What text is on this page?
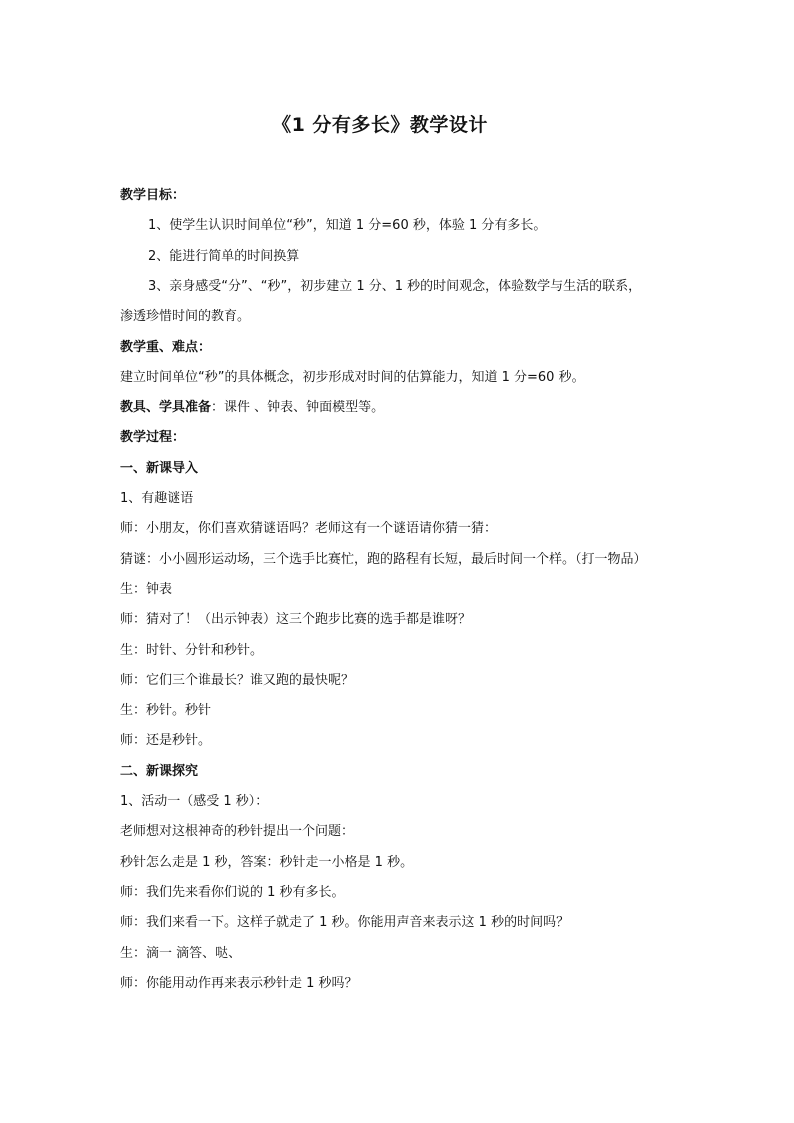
《1 分有多长》教学设计
教学目标：
1、使学生认识时间单位“秒”，知道 1 分=60 秒，体验 1 分有多长。
2、能进行简单的时间换算
3、亲身感受“分”、“秒”，初步建立 1 分、1 秒的时间观念，体验数学与生活的联系，
渗透珍惜时间的教育。
教学重、难点：
建立时间单位“秒”的具体概念，初步形成对时间的估算能力，知道 1 分=60 秒。
教具、学具准备：课件 、钟表、钟面模型等。
教学过程：
一、新课导入
1、有趣谜语
师：小朋友，你们喜欢猜谜语吗？老师这有一个谜语请你猜一猜：
猜谜：小小圆形运动场，三个选手比赛忙，跑的路程有长短，最后时间一个样。（打一物品）
生：钟表
师：猜对了！（出示钟表）这三个跑步比赛的选手都是谁呀？
生：时针、分针和秒针。
师：它们三个谁最长？谁又跑的最快呢？
生：秒针。秒针
师：还是秒针。
二、新课探究
1、活动一（感受 1 秒）：
老师想对这根神奇的秒针提出一个问题：
秒针怎么走是 1 秒，答案：秒针走一小格是 1 秒。
师：我们先来看你们说的 1 秒有多长。
师：我们来看一下。这样子就走了 1 秒。你能用声音来表示这 1 秒的时间吗？
生：滴一 滴答、哒、
师：你能用动作再来表示秒针走 1 秒吗？
